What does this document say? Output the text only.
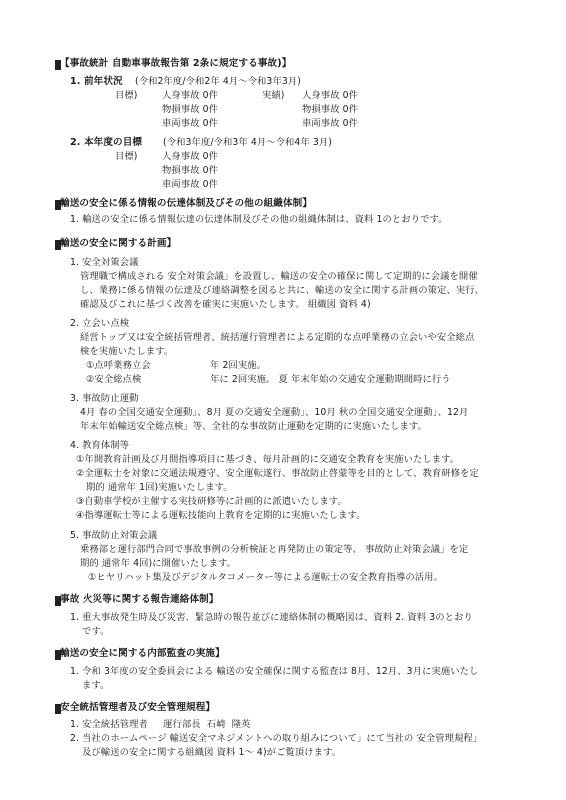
【事故統計 自動車事故報告第 2条に規定する事故)】
1. 前年状況 (令和2年度/令和2年 4月～令和3年3月)
目標)	人身事故 0件	実績) 人身事故 0件
物損事故 0件	物損事故 0件
車両事故 0件	車両事故 0件
2. 本年度の目標 (令和3年度/令和3年 4月～令和4年 3月)
目標)	人身事故 0件
物損事故 0件
車両事故 0件
輸送の安全に係る情報の伝達体制及びその他の組織体制】
1. 輸送の安全に係る情報伝達の伝達体制及びその他の組織体制は、資料 1のとおりです。
輸送の安全に関する計画】
1. 安全対策会議
管理職で構成される 安全対策会議」を設置し、輸送の安全の確保に関して定期的に会議を開催
し、業務に係る情報の伝達及び連絡調整を図ると共に、輸送の安全に関する計画の策定、実行、
確認及びこれに基づく改善を確実に実施いたします。 組織図 資料 4)
2. 立会い点検
経営トップ又は安全統括管理者、統括運行管理者による定期的な点呼業務の立会いや安全総点
検を実施いたします。
①点呼業務立会	年 2回実施。
②安全総点検	年に 2回実施。 夏 年末年始の交通安全運動期間時に行う
3. 事故防止運動
4月 春の全国交通安全運動」、8月 夏の交通安全運動」、10月 秋の全国交通安全運動」、12月
年末年始輸送安全総点検」等、全社的な事故防止運動を定期的に実施いたします。
4. 教育体制等
①年間教育計画及び月間指導項目に基づき、毎月計画的に交通安全教育を実施いたします。
②全運転士を対象に交通法規遵守、安全運転遂行、事故防止啓蒙等を目的として、教育研修を定
期的 通常年 1回)実施いたします。
③自動車学校が主催する実技研修等に計画的に派遣いたします。
④指導運転士等による運転技能向上教育を定期的に実施いたします。
5. 事故防止対策会議
乗務部と運行部門合同で事故事例の分析検証と再発防止の策定等、 事故防止対策会議」を定
期的 通常年 4回)に開催いたします。
①ヒヤリハット集及びデジタルタコメーター等による運転士の安全教育指導の活用。
事故 火災等に関する報告連絡体制】
1. 重大事故発生時及び災害、緊急時の報告並びに連絡体制の概略図は、資料 2. 資料 3のとおり
です。
輸送の安全に関する内部監査の実施】
1. 令和 3年度の安全委員会による 輸送の安全確保に関する監査は 8月、12月、3月に実施いたし
ます。
安全統括管理者及び安全管理規程】
1. 安全統括管理者     運行部長  石崎  隆英
2. 当社のホームページ 輸送安全マネジメントへの取り組みについて」にて当社の 安全管理規程」
及び輸送の安全に関する組織図 資料 1～ 4)がご覧頂けます。
